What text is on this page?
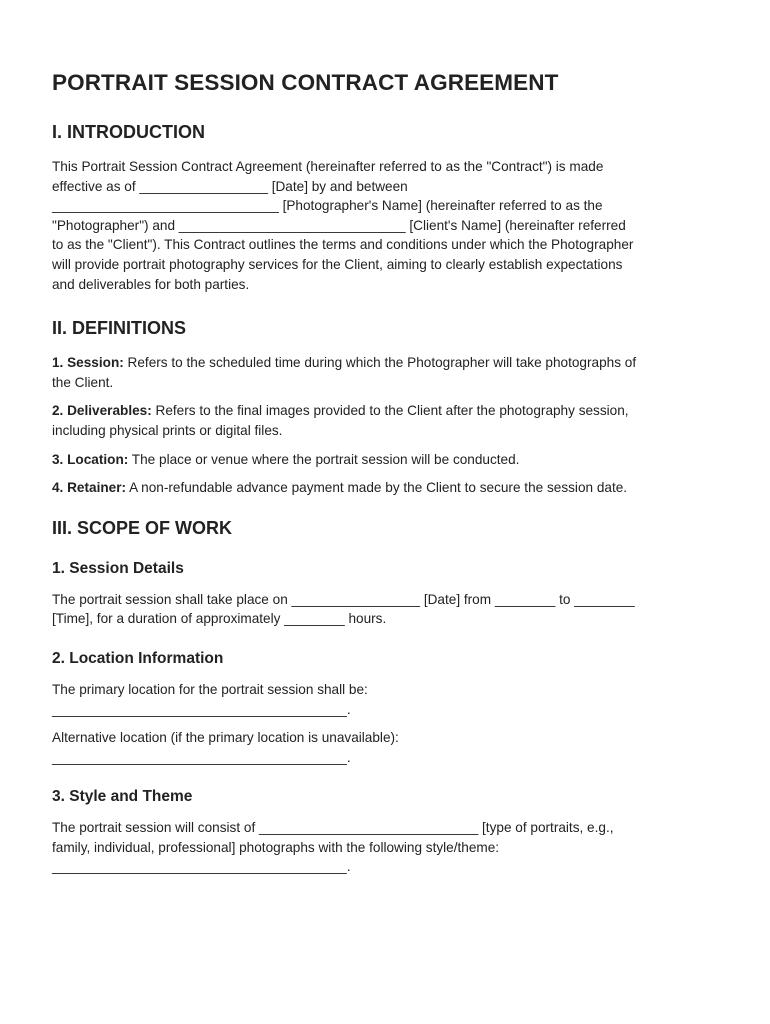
PORTRAIT SESSION CONTRACT AGREEMENT
I. INTRODUCTION

This Portrait Session Contract Agreement (hereinafter referred to as the "Contract") is made
effective as of _________________ [Date] by and between
______________________________ [Photographer's Name] (hereinafter referred to as the
"Photographer") and ______________________________ [Client's Name] (hereinafter referred
to as the "Client"). This Contract outlines the terms and conditions under which the Photographer
will provide portrait photography services for the Client, aiming to clearly establish expectations
and deliverables for both parties.

II. DEFINITIONS

1. Session: Refers to the scheduled time during which the Photographer will take photographs of
the Client.

2. Deliverables: Refers to the final images provided to the Client after the photography session,
including physical prints or digital files.

3. Location: The place or venue where the portrait session will be conducted.

4. Retainer: A non-refundable advance payment made by the Client to secure the session date.

III. SCOPE OF WORK
1. Session Details

The portrait session shall take place on _________________ [Date] from ________ to ________
[Time], for a duration of approximately ________ hours.

2. Location Information

The primary location for the portrait session shall be:
_______________________________________.

Alternative location (if the primary location is unavailable):
_______________________________________.

3. Style and Theme

The portrait session will consist of _____________________________ [type of portraits, e.g.,
family, individual, professional] photographs with the following style/theme:
_______________________________________.
